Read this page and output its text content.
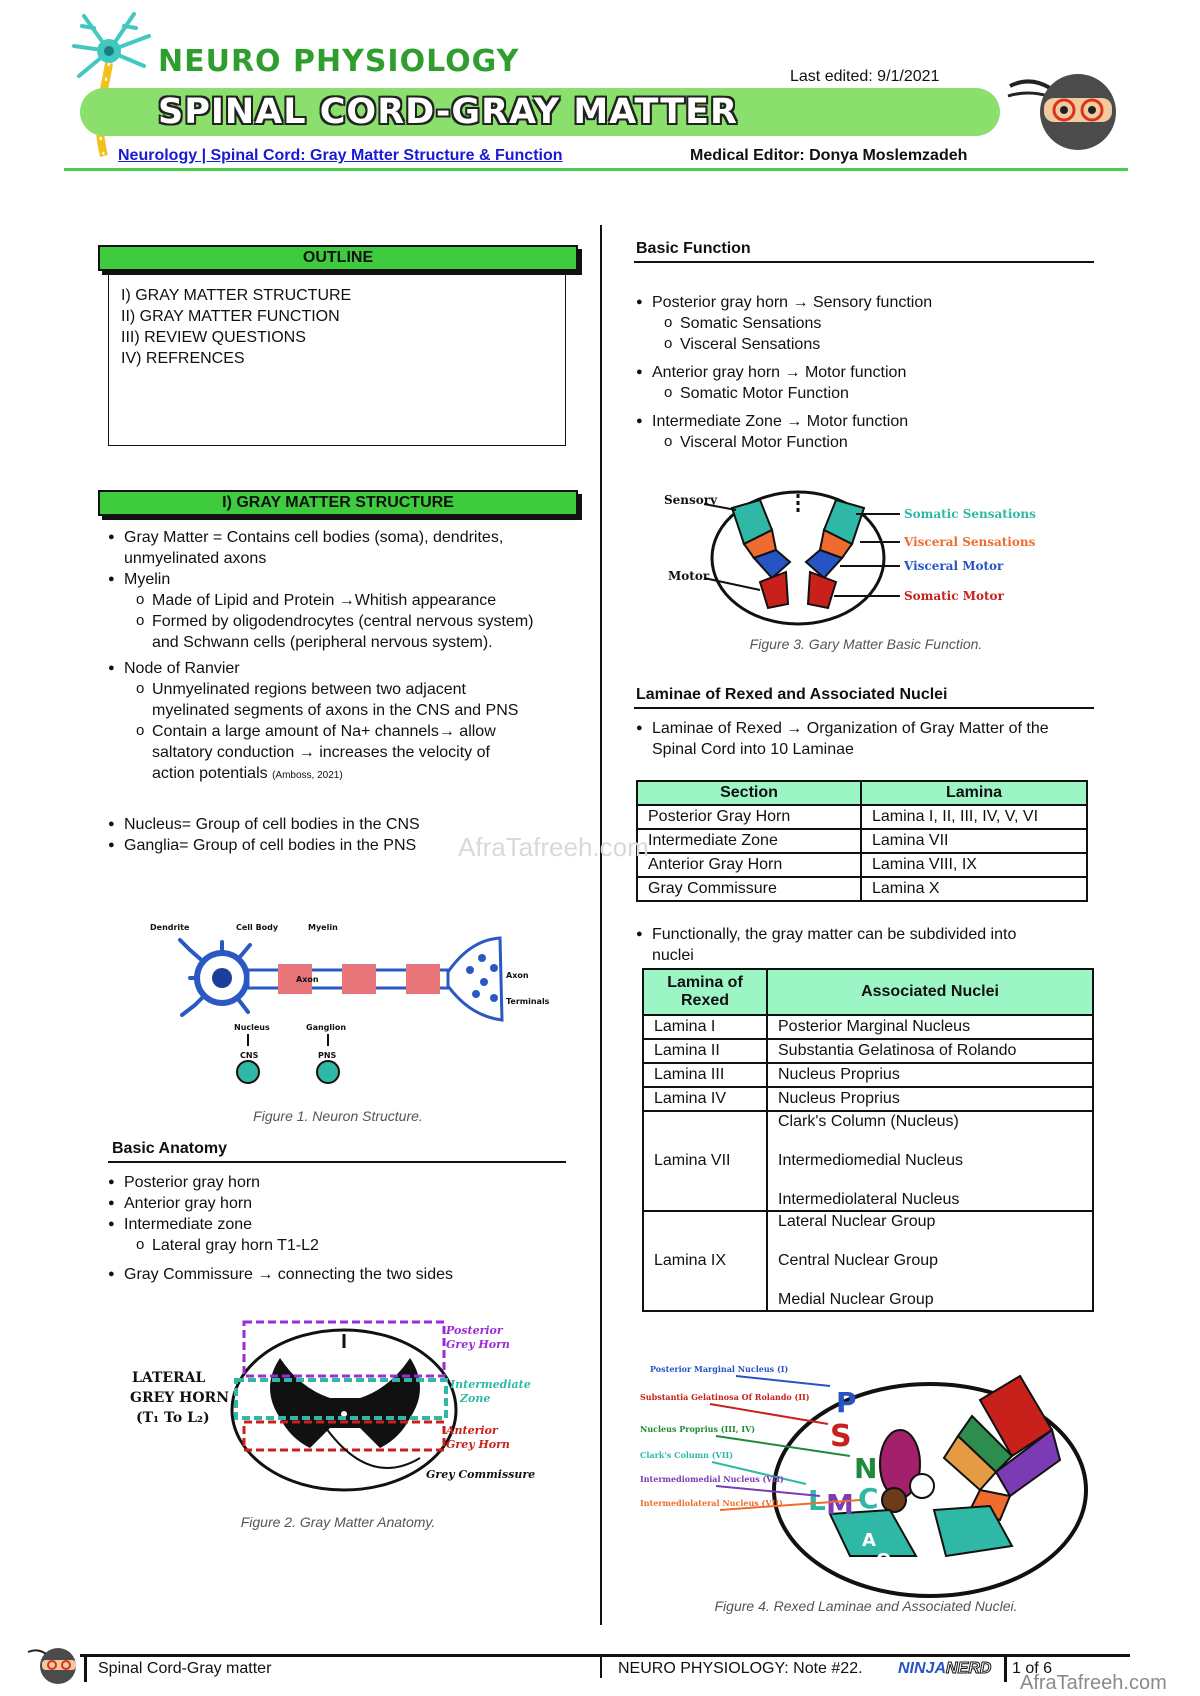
NEURO PHYSIOLOGY
SPINAL CORD-GRAY MATTER
Last edited: 9/1/2021
Neurology | Spinal Cord: Gray Matter Structure & Function	Medical Editor: Donya Moslemzadeh
OUTLINE
I) GRAY MATTER STRUCTURE
II) GRAY MATTER FUNCTION
III) REVIEW QUESTIONS
IV) REFRENCES
I) GRAY MATTER STRUCTURE
● Gray Matter = Contains cell bodies (soma), dendrites,
unmyelinated axons
● Myelin
o Made of Lipid and Protein →Whitish appearance
o Formed by oligodendrocytes (central nervous system)
and Schwann cells (peripheral nervous system).
● Node of Ranvier
o Unmyelinated regions between two adjacent
myelinated segments of axons in the CNS and PNS
o Contain a large amount of Na+ channels→ allow
saltatory conduction → increases the velocity of
action potentials (Amboss, 2021)
● Nucleus= Group of cell bodies in the CNS
● Ganglia= Group of cell bodies in the PNS
Dendrite	Cell Body	Myelin
Axon	Axon
Terminals
Nucleus	Ganglion
CNS	PNS
Figure 1. Neuron Structure.
Basic Anatomy
● Posterior gray horn
● Anterior gray horn
● Intermediate zone
o Lateral gray horn T1-L2
● Gray Commissure → connecting the two sides
Posterior
Grey Horn
Intermediate
Zone
Anterior
Grey Horn
Grey Commissure
LATERAL
GREY HORN
(T₁ To L₂)
Figure 2. Gray Matter Anatomy.
Basic Function
● Posterior gray horn → Sensory function
o Somatic Sensations
o Visceral Sensations
● Anterior gray horn → Motor function
o Somatic Motor Function
● Intermediate Zone → Motor function
o Visceral Motor Function
Sensory
Motor
Somatic Sensations
Visceral Sensations
Visceral Motor
Somatic Motor
Figure 3. Gary Matter Basic Function.
Laminae of Rexed and Associated Nuclei
● Laminae of Rexed → Organization of Gray Matter of the
Spinal Cord into 10 Laminae
Section	Lamina
Posterior Gray Horn	Lamina I, II, III, IV, V, VI
Intermediate Zone	Lamina VII
Anterior Gray Horn	Lamina VIII, IX
Gray Commissure	Lamina X
● Functionally, the gray matter can be subdivided into
nuclei
Lamina of Rexed	Associated Nuclei
Lamina I	Posterior Marginal Nucleus
Lamina II	Substantia Gelatinosa of Rolando
Lamina III	Nucleus Proprius
Lamina IV	Nucleus Proprius
Lamina VII	Clark's Column (Nucleus)
Intermediomedial Nucleus
Intermediolateral Nucleus

Lamina IX	Lateral Nuclear Group
Central Nuclear Group
Medial Nuclear Group
P
S
N
L M C
A
O
Posterior Marginal Nucleus (I)
Substantia Gelatinosa Of Rolando (II)
Nucleus Proprius (III, IV)
Clark's Column (VII)
Intermediomedial Nucleus (VII)
Intermediolateral Nucleus (VII)
Figure 4. Rexed Laminae and Associated Nuclei.
AfraTafreeh.com
Spinal Cord-Gray matter	NEURO PHYSIOLOGY: Note #22. NINJANERD 1 of 6
AfraTafreeh.com
